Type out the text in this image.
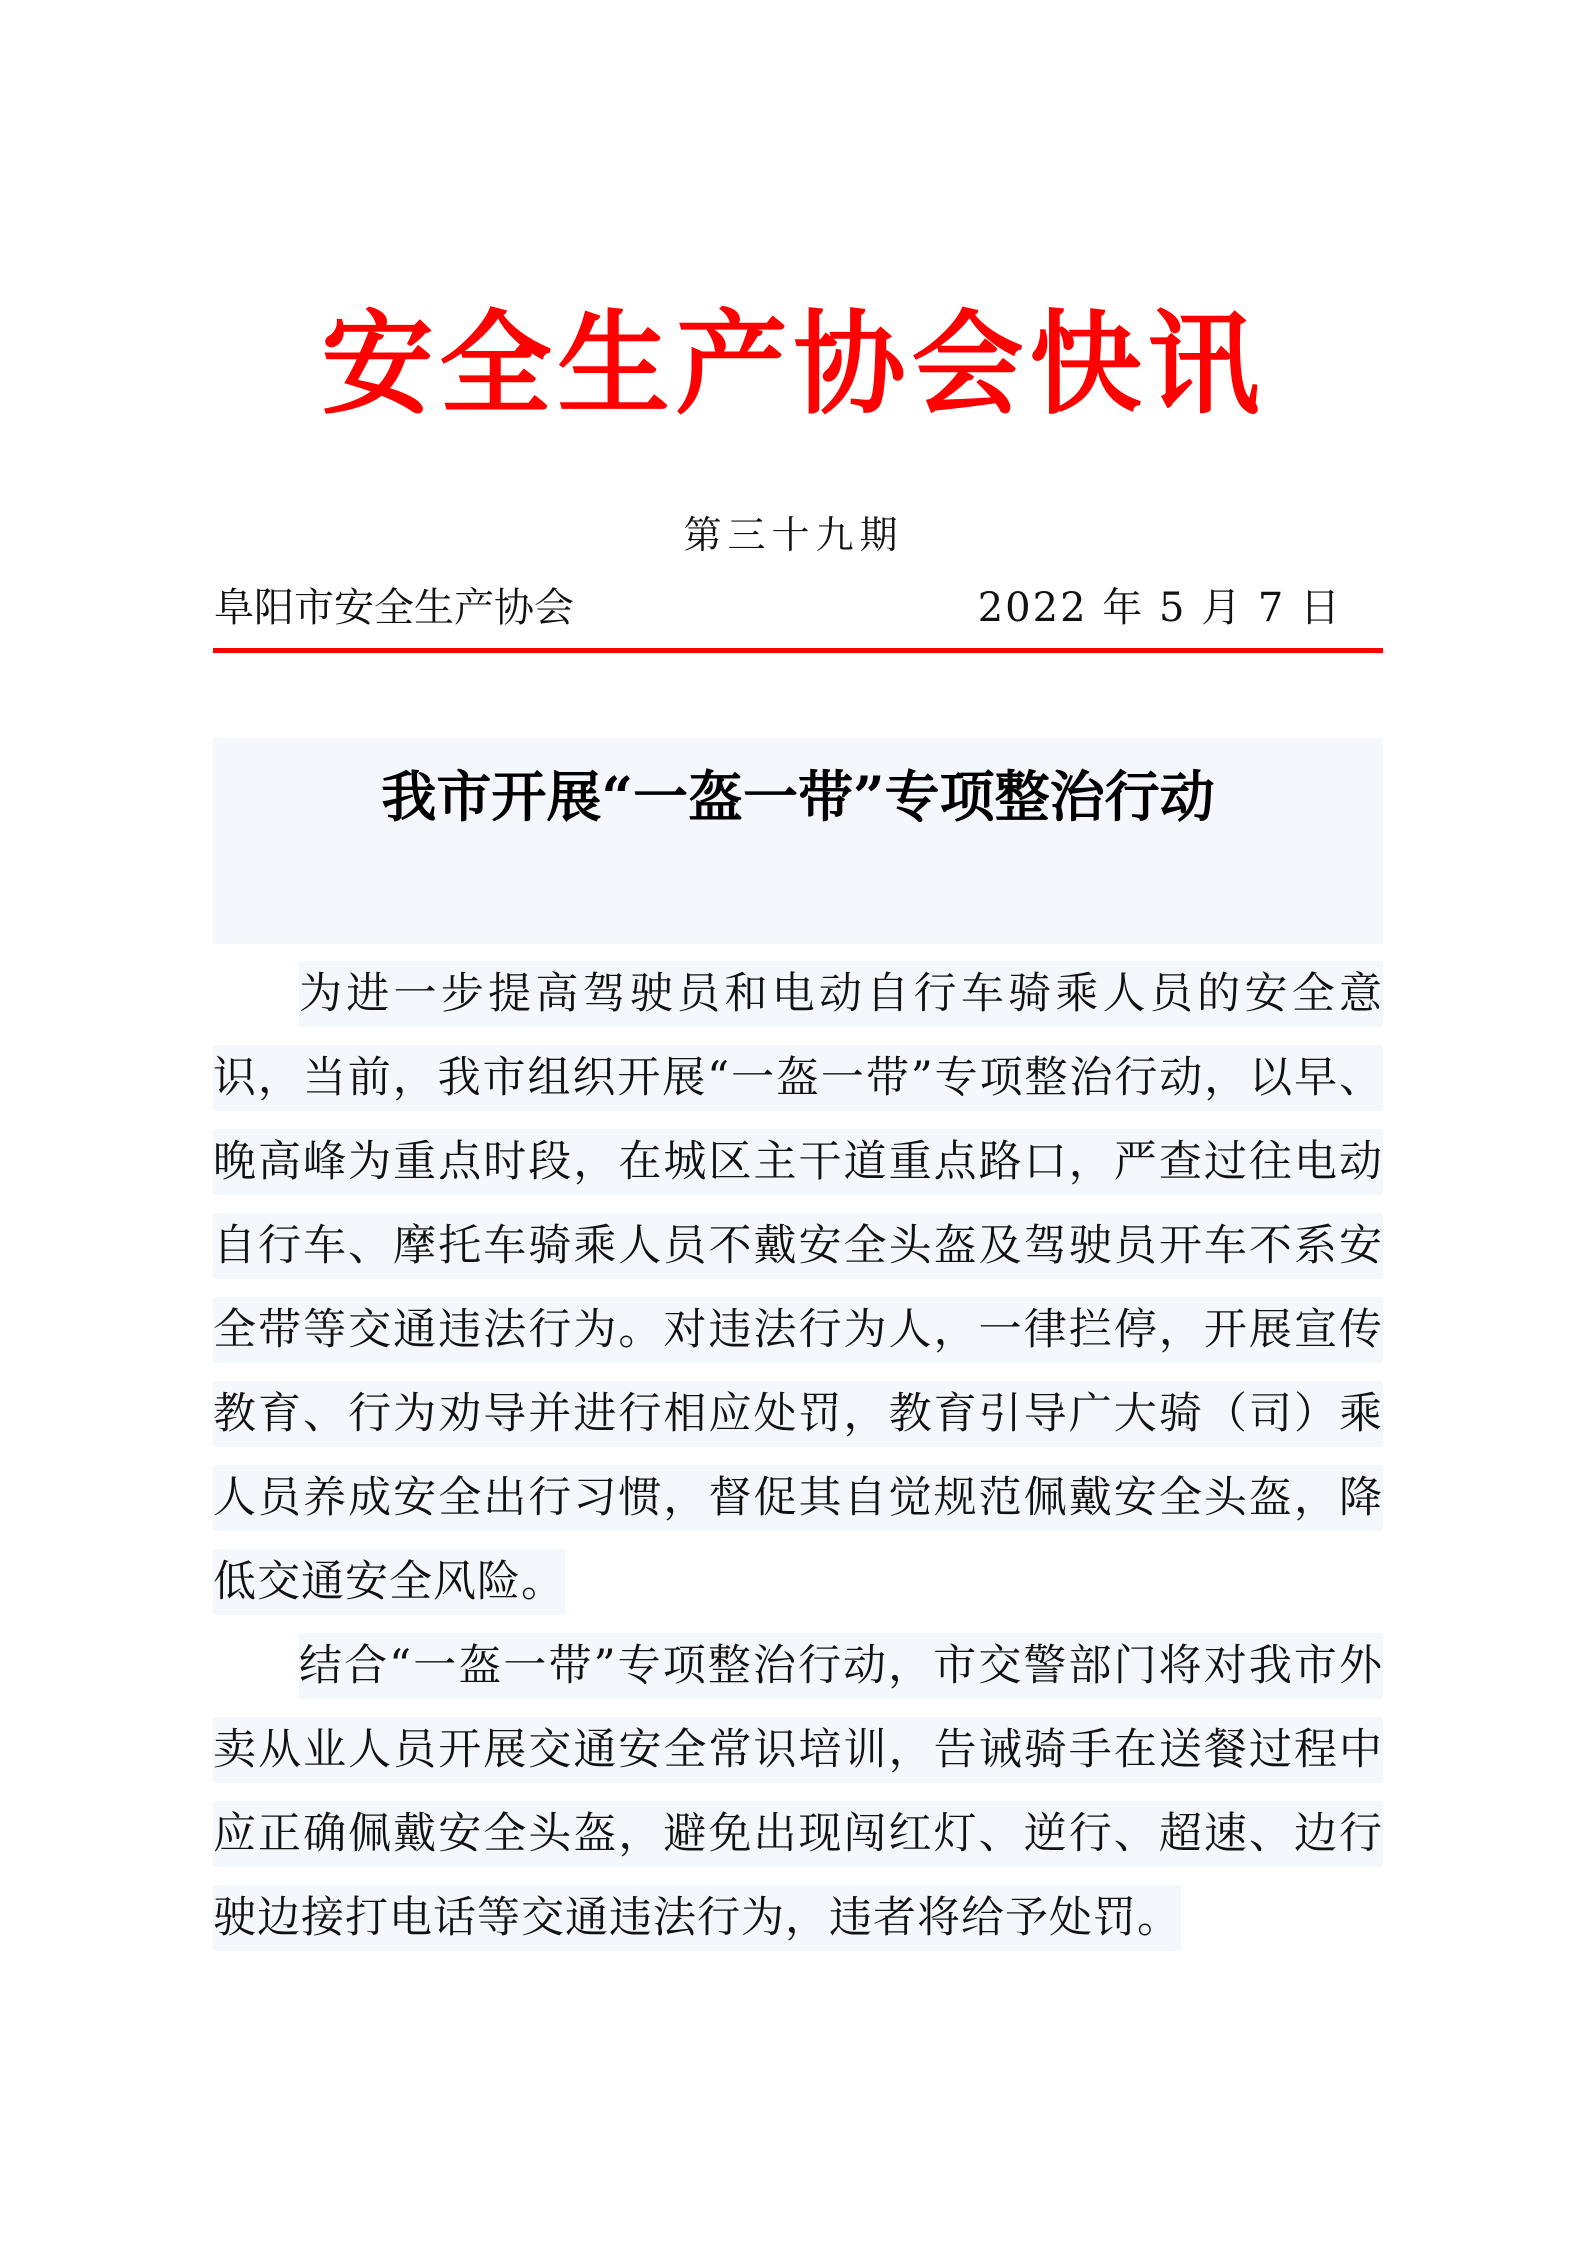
安全生产协会快讯
第三十九期
阜阳市安全生产协会	2022 年 5 月 7 日
我市开展“一盔一带”专项整治行动

为进一步提高驾驶员和电动自行车骑乘人员的安全意识，当前，我市组织开展“一盔一带”专项整治行动，以早、晚高峰为重点时段，在城区主干道重点路口，严查过往电动自行车、摩托车骑乘人员不戴安全头盔及驾驶员开车不系安全带等交通违法行为。对违法行为人，一律拦停，开展宣传教育、行为劝导并进行相应处罚，教育引导广大骑（司）乘人员养成安全出行习惯，督促其自觉规范佩戴安全头盔，降低交通安全风险。

结合“一盔一带”专项整治行动，市交警部门将对我市外卖从业人员开展交通安全常识培训，告诫骑手在送餐过程中应正确佩戴安全头盔，避免出现闯红灯、逆行、超速、边行驶边接打电话等交通违法行为，违者将给予处罚。
